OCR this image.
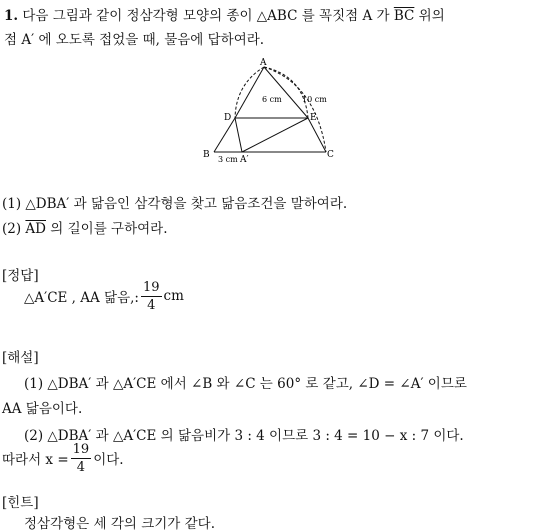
1. 다음 그림과 같이 정삼각형 모양의 종이 △ABC 를 꼭짓점 A 가 $\overline{BC}$ 위의
점 A′ 에 오도록 접었을 때, 물음에 답하여라.
A
D	E
B	C
A′
6 cm	10 cm
3 cm
(1) △DBA′ 과 닮음인 삼각형을 찾고 닮음조건을 말하여라.
(2) $\overline{AD}$ 의 길이를 구하여라.
[정답]
△A′CE , AA 닮음,: $\frac{19}{4}$ cm
[해설]
(1) △DBA′ 과 △A′CE 에서 ∠B 와 ∠C 는 60° 로 같고, ∠D = ∠A′ 이므로
AA 닮음이다.
(2) △DBA′ 과 △A′CE 의 닮음비가 3 : 4 이므로 3 : 4 = 10 − x : 7 이다.
따라서 $x = \frac{19}{4}$ 이다.
[힌트]
정삼각형은 세 각의 크기가 같다.
